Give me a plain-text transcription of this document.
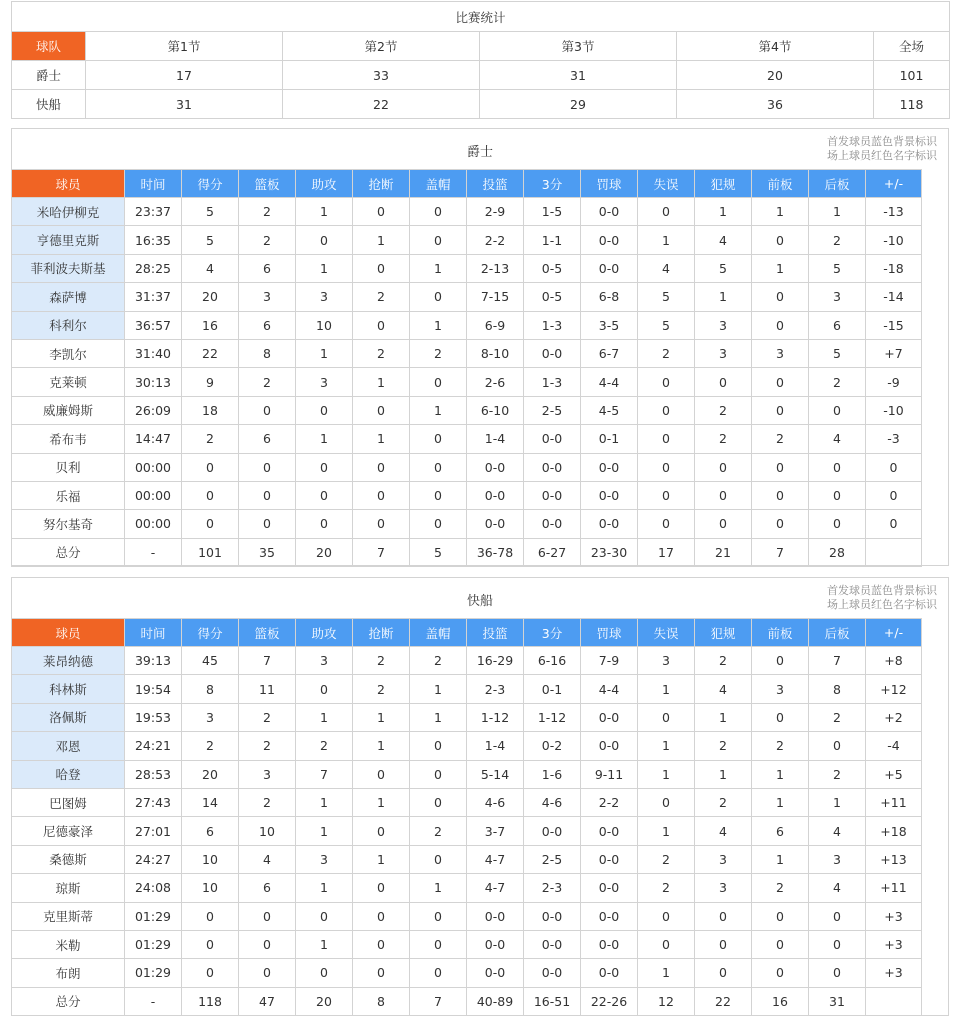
比赛统计					
球队	第1节	第2节	第3节	第4节	全场
爵士	17	33	31	20	101
快船	31	22	29	36	118
爵士
首发球员蓝色背景标识
场上球员红色名字标识
球员	时间	得分	篮板	助攻	抢断	盖帽	投篮	3分	罚球	失误	犯规	前板	后板	+/-
米哈伊柳克	23:37	5	2	1	0	0	2-9	1-5	0-0	0	1	1	1	-13
亨德里克斯	16:35	5	2	0	1	0	2-2	1-1	0-0	1	4	0	2	-10
菲利波夫斯基	28:25	4	6	1	0	1	2-13	0-5	0-0	4	5	1	5	-18
森萨博	31:37	20	3	3	2	0	7-15	0-5	6-8	5	1	0	3	-14
科利尔	36:57	16	6	10	0	1	6-9	1-3	3-5	5	3	0	6	-15
李凯尔	31:40	22	8	1	2	2	8-10	0-0	6-7	2	3	3	5	+7
克莱顿	30:13	9	2	3	1	0	2-6	1-3	4-4	0	0	0	2	-9
威廉姆斯	26:09	18	0	0	0	1	6-10	2-5	4-5	0	2	0	0	-10
希布韦	14:47	2	6	1	1	0	1-4	0-0	0-1	0	2	2	4	-3
贝利	00:00	0	0	0	0	0	0-0	0-0	0-0	0	0	0	0	0
乐福	00:00	0	0	0	0	0	0-0	0-0	0-0	0	0	0	0	0
努尔基奇	00:00	0	0	0	0	0	0-0	0-0	0-0	0	0	0	0	0
总分	-	101	35	20	7	5	36-78	6-27	23-30	17	21	7	28	
快船
首发球员蓝色背景标识
场上球员红色名字标识
球员	时间	得分	篮板	助攻	抢断	盖帽	投篮	3分	罚球	失误	犯规	前板	后板	+/-
莱昂纳德	39:13	45	7	3	2	2	16-29	6-16	7-9	3	2	0	7	+8
科林斯	19:54	8	11	0	2	1	2-3	0-1	4-4	1	4	3	8	+12
洛佩斯	19:53	3	2	1	1	1	1-12	1-12	0-0	0	1	0	2	+2
邓恩	24:21	2	2	2	1	0	1-4	0-2	0-0	1	2	2	0	-4
哈登	28:53	20	3	7	0	0	5-14	1-6	9-11	1	1	1	2	+5
巴图姆	27:43	14	2	1	1	0	4-6	4-6	2-2	0	2	1	1	+11
尼德豪泽	27:01	6	10	1	0	2	3-7	0-0	0-0	1	4	6	4	+18
桑德斯	24:27	10	4	3	1	0	4-7	2-5	0-0	2	3	1	3	+13
琼斯	24:08	10	6	1	0	1	4-7	2-3	0-0	2	3	2	4	+11
克里斯蒂	01:29	0	0	0	0	0	0-0	0-0	0-0	0	0	0	0	+3
米勒	01:29	0	0	1	0	0	0-0	0-0	0-0	0	0	0	0	+3
布朗	01:29	0	0	0	0	0	0-0	0-0	0-0	1	0	0	0	+3
总分	-	118	47	20	8	7	40-89	16-51	22-26	12	22	16	31	
